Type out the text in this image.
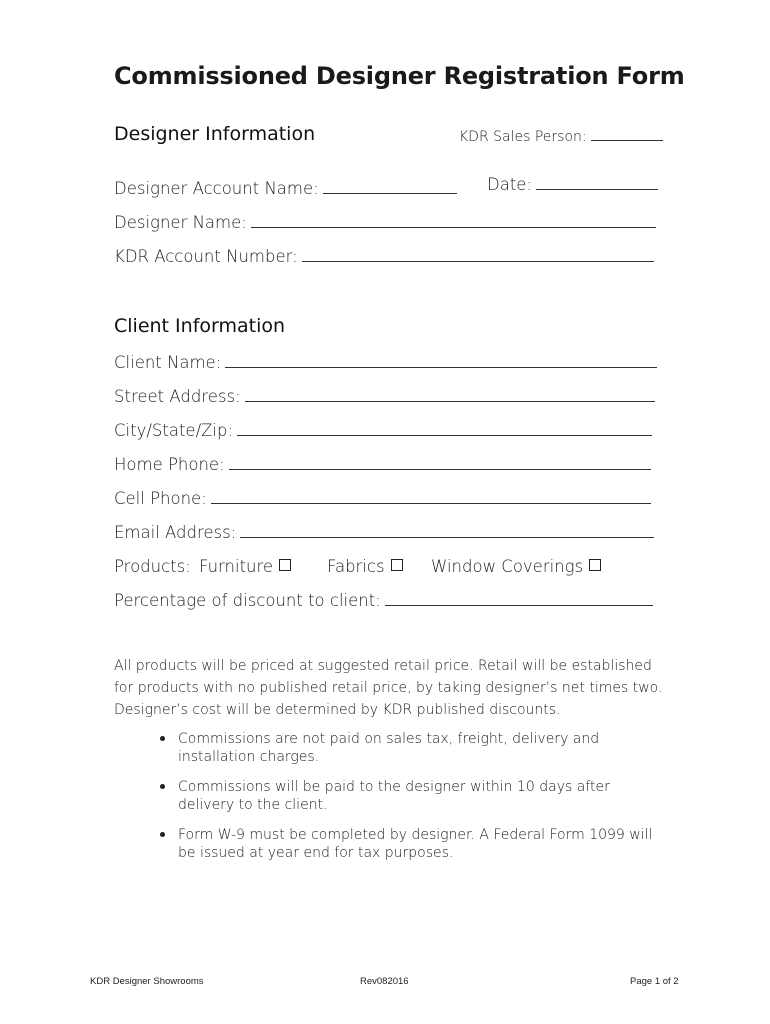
Commissioned Designer Registration Form
Designer Information	KDR Sales Person:
Date:
Designer Account Name:
Designer Name:
KDR Account Number:
Client Information
Client Name:
Street Address:
City/State/Zip:
Home Phone:
Cell Phone:
Email Address:
Products: Furniture	Fabrics	Window Coverings
Percentage of discount to client:
All products will be priced at suggested retail price. Retail will be established for products with no published retail price, by taking designer’s net times two. Designer’s cost will be determined by KDR published discounts.
Commissions are not paid on sales tax, freight, delivery and installation charges.
Commissions will be paid to the designer within 10 days after delivery to the client.
Form W-9 must be completed by designer. A Federal Form 1099 will be issued at year end for tax purposes.
KDR Designer Showrooms	Rev082016	Page 1 of 2
